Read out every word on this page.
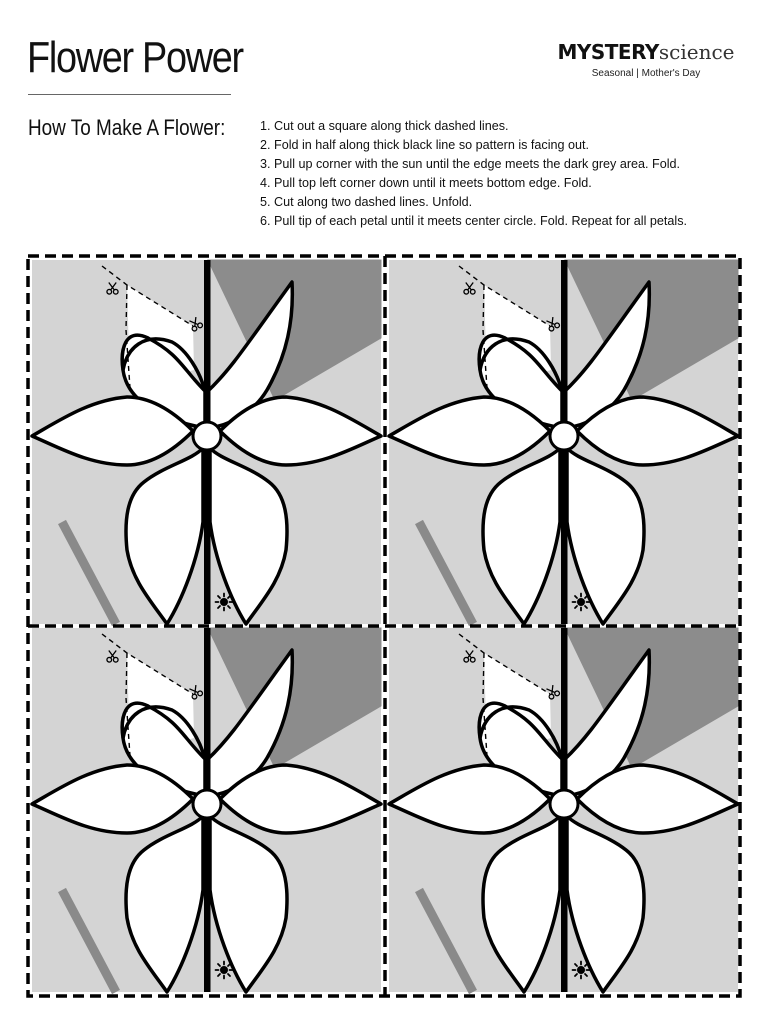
Flower Power	MYSTERYscience
Seasonal | Mother's Day
How To Make A Flower:	1. Cut out a square along thick dashed lines.
2. Fold in half along thick black line so pattern is facing out.
3. Pull up corner with the sun until the edge meets the dark grey area. Fold.
4. Pull top left corner down until it meets bottom edge. Fold.
5. Cut along two dashed lines. Unfold.
6. Pull tip of each petal until it meets center circle. Fold. Repeat for all petals.
